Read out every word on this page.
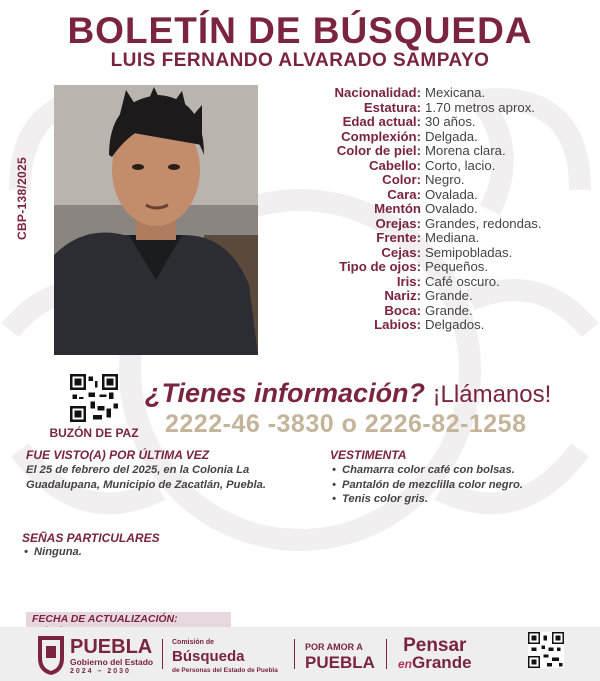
BOLETÍN DE BÚSQUEDA
LUIS FERNANDO ALVARADO SAMPAYO
CBP-138/2025
Nacionalidad: Mexicana.
Estatura: 1.70 metros aprox.
Edad actual: 30 años.
Complexión: Delgada.
Color de piel: Morena clara.
Cabello: Corto, lacio.
Color: Negro.
Cara: Ovalada.
Mentón Ovalado.
Orejas: Grandes, redondas.
Frente: Mediana.
Cejas: Semipobladas.
Tipo de ojos: Pequeños.
Iris: Café oscuro.
Nariz: Grande.
Boca: Grande.
Labios: Delgados.
BUZÓN DE PAZ
¿Tienes información? ¡Llámanos!
2222-46 -3830 o 2226-82-1258
FUE VISTO(A) POR ÚLTIMA VEZ
El 25 de febrero del 2025, en la Colonia La Guadalupana, Municipio de Zacatlán, Puebla.
VESTIMENTA
• Chamarra color café con bolsas.
• Pantalón de mezclilla color negro.
• Tenis color gris.
SEÑAS PARTICULARES
• Ninguna.
FECHA DE ACTUALIZACIÓN:
PUEBLA
Gobierno del Estado
2024 – 2030
Comisión de
Búsqueda
de Personas del Estado de Puebla
POR AMOR A
PUEBLA
Pensar
enGrande
